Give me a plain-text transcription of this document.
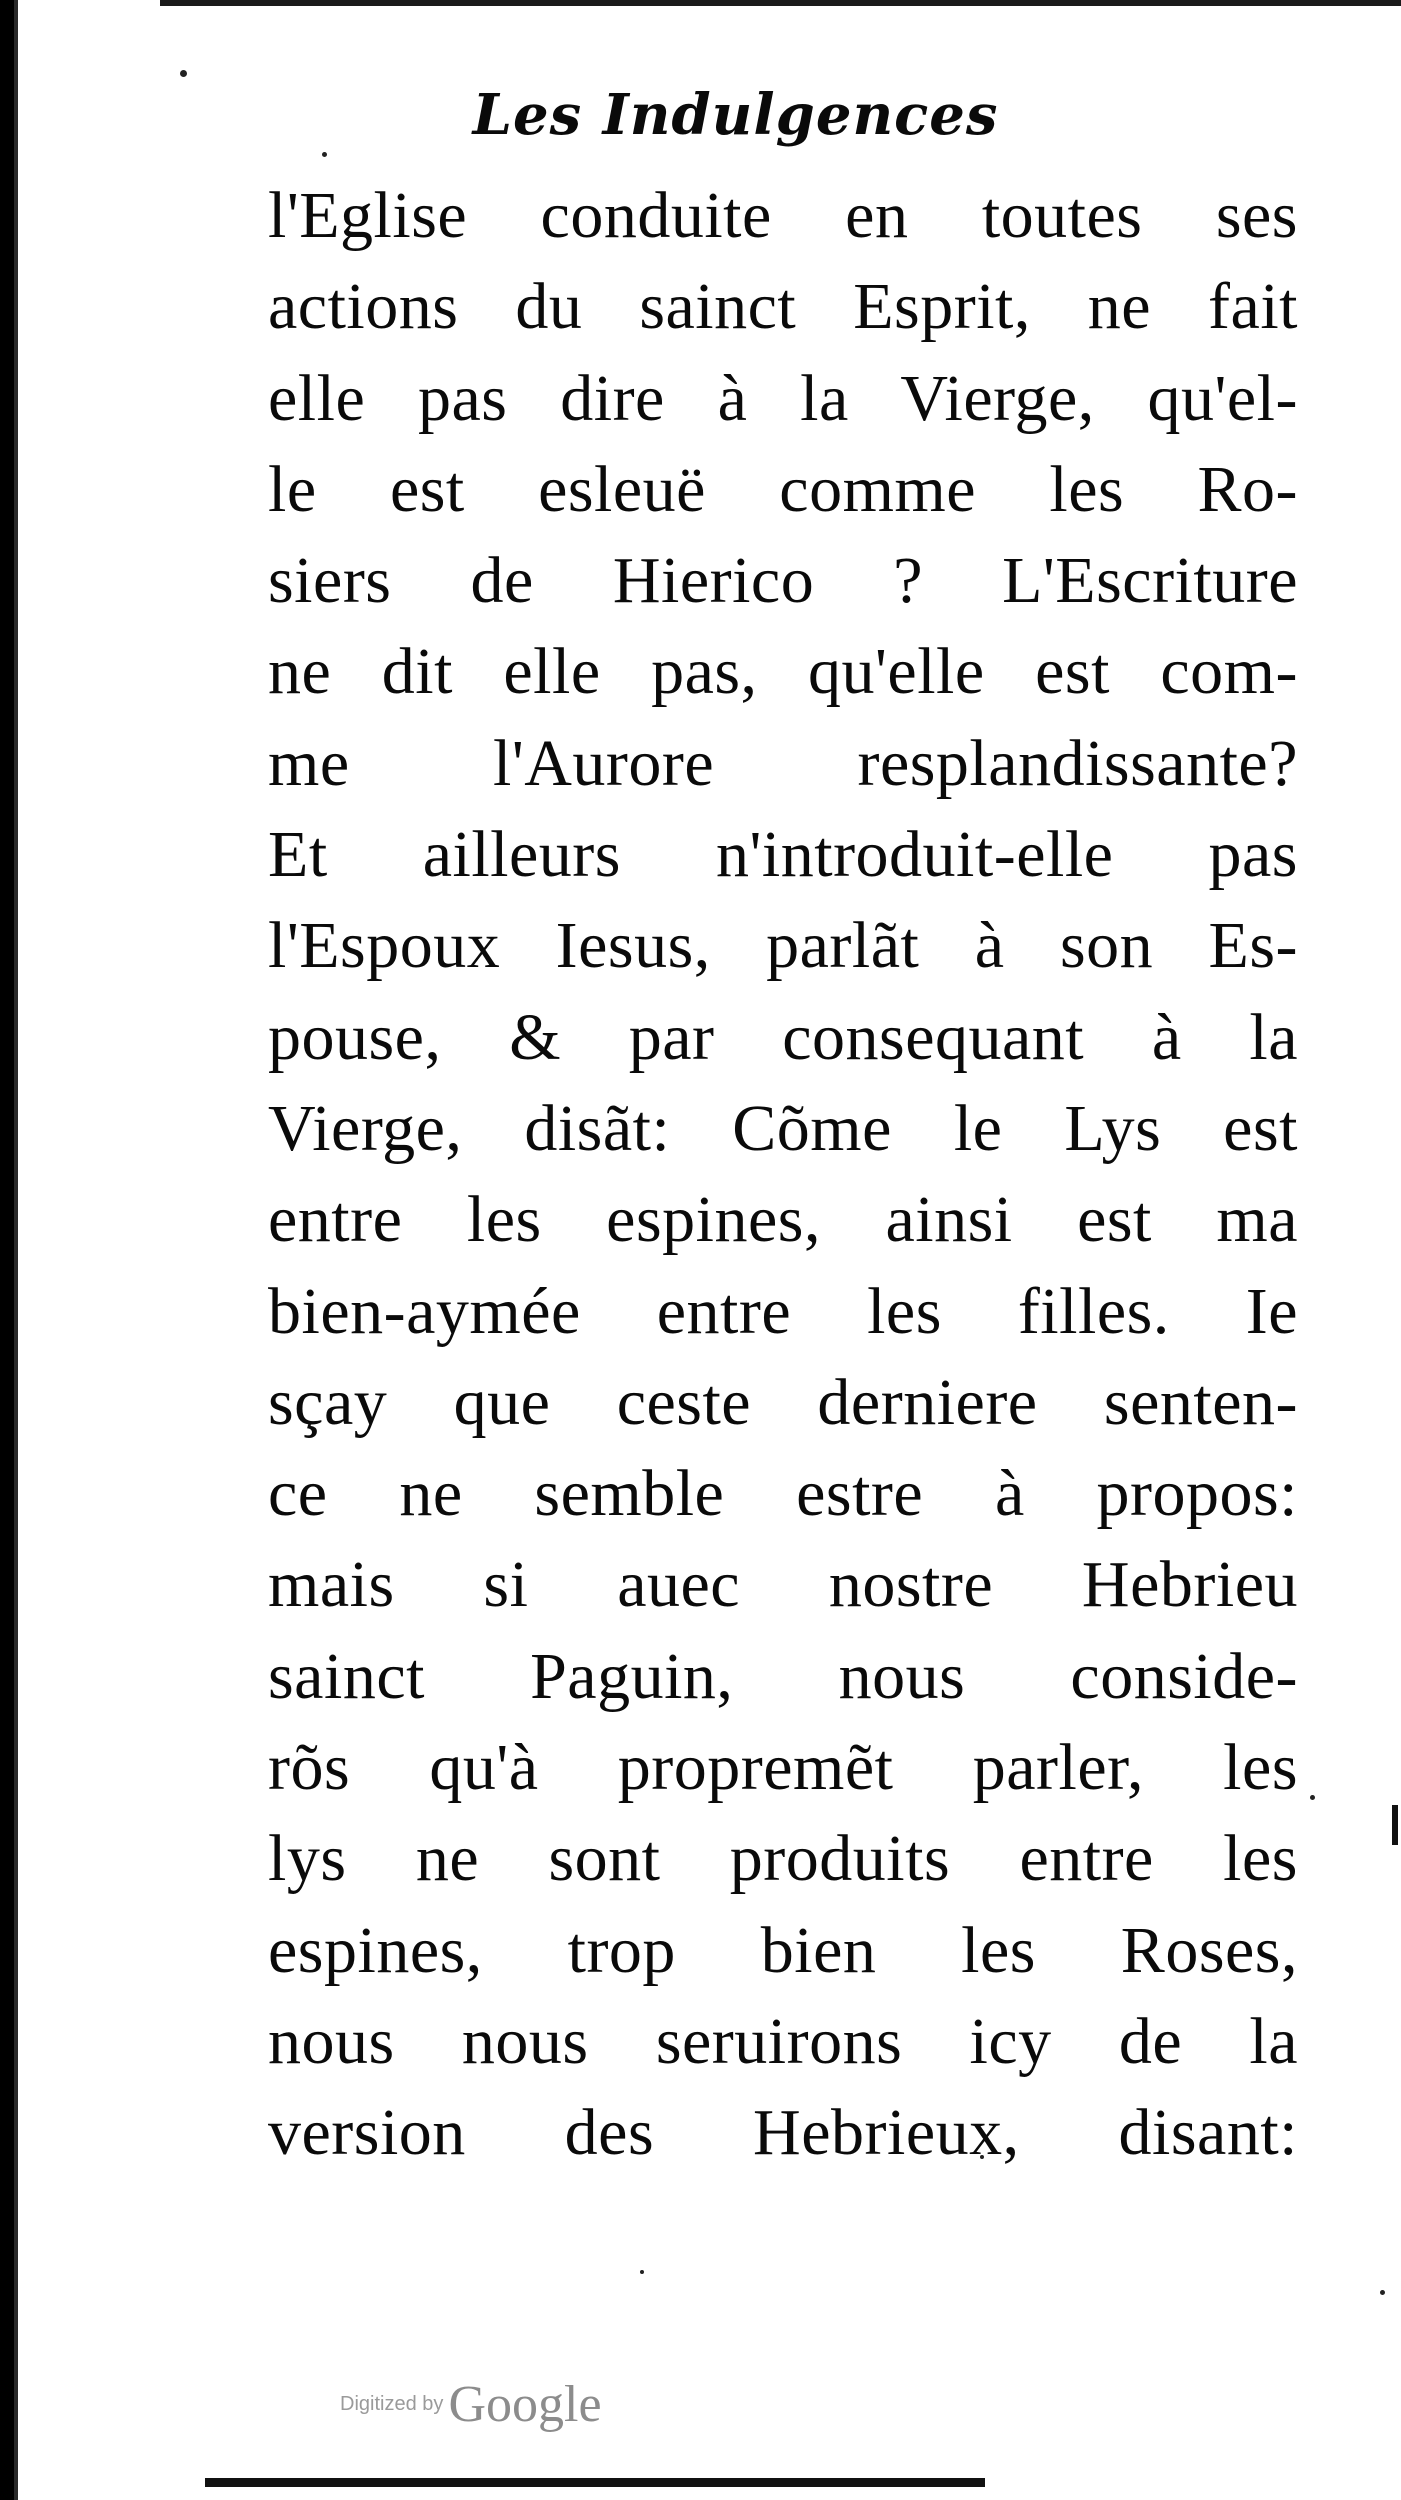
Les Indulgences
l'Eglise conduite en toutes ses
actions du sainct Esprit, ne fait
elle pas dire à la Vierge, qu'el-
le est esleuë comme les Ro-
siers de Hierico ? L'Escriture
ne dit elle pas, qu'elle est com-
me l'Aurore resplandissante?
Et ailleurs n'introduit-elle pas
l'Espoux Iesus, parlãt à son Es-
pouse, & par consequant à la
Vierge, disãt: Cõme le Lys est
entre les espines, ainsi est ma
bien-aymée entre les filles. Ie
sçay que ceste derniere senten-
ce ne semble estre à propos:
mais si auec nostre Hebrieu
sainct Paguin, nous conside-
rõs qu'à propremẽt parler, les
lys ne sont produits entre les
espines, trop bien les Roses,
nous nous seruirons icy de la
version des Hebrieux, disant:
Digitized by Google
